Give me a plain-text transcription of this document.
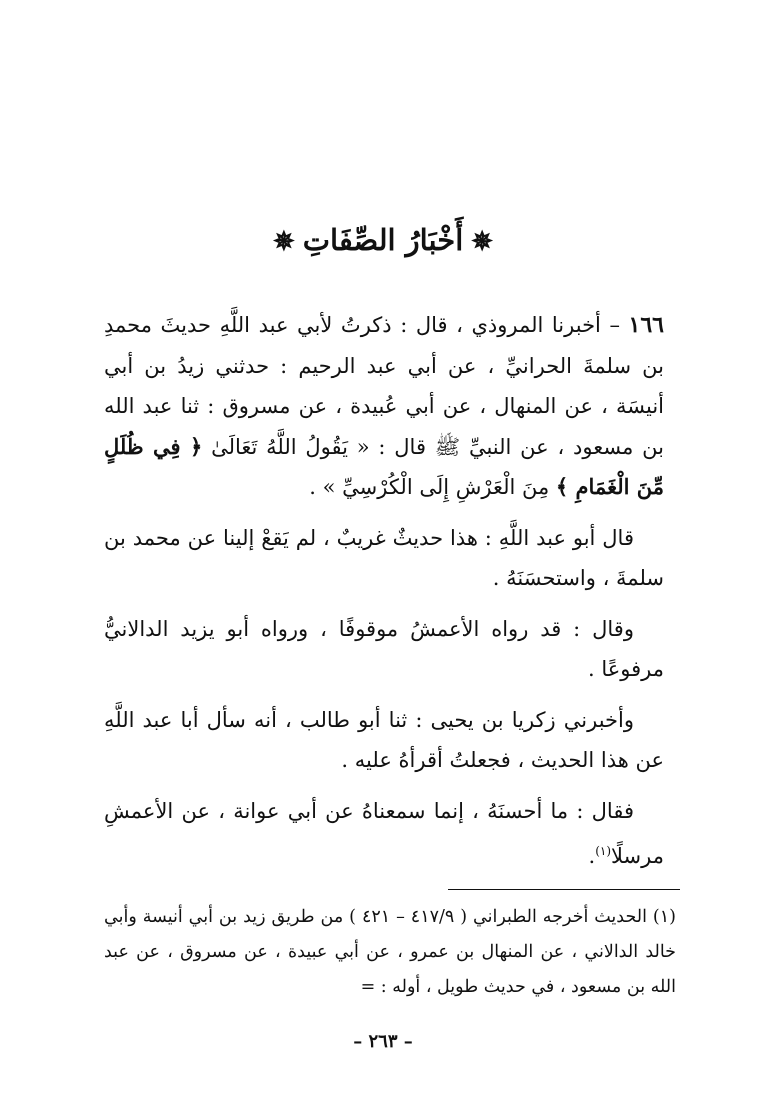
✵أَخْبَارُ الصِّفَاتِ✵

١٦٦ – أخبرنا المروذي ، قال : ذكرتُ لأبي عبد اللَّهِ حديثَ محمدِ بن سلمةَ الحرانيِّ ، عن أبي عبد الرحيم : حدثني زيدُ بن أبي أنيسَة ، عن المنهال ، عن أبي عُبيدة ، عن مسروق : ثنا عبد الله بن مسعود ، عن النبيِّ ﷺ قال : « يَقُولُ اللَّهُ تَعَالَىٰ ﴿ فِي ظُلَلٍ مِّنَ الْغَمَامِ ﴾ مِنَ الْعَرْشِ إِلَى الْكُرْسِيِّ » .

قال أبو عبد اللَّهِ : هذا حديثٌ غريبٌ ، لم يَقعْ إلينا عن محمد بن سلمةَ ، واستحسَنَهُ .

وقال : قد رواه الأعمشُ موقوفًا ، ورواه أبو يزيد الدالانيُّ مرفوعًا .

وأخبرني زكريا بن يحيى : ثنا أبو طالب ، أنه سأل أبا عبد اللَّهِ عن هذا الحديث ، فجعلتُ أقرأهُ عليه .

فقال : ما أحسنَهُ ، إنما سمعناهُ عن أبي عوانة ، عن الأعمشِ مرسلًا$^{(١)}$.

(١) الحديث أخرجه الطبراني ( ٤١٧/٩ – ٤٢١ ) من طريق زيد بن أبي أنيسة وأبي خالد الدالاني ، عن المنهال بن عمرو ، عن أبي عبيدة ، عن مسروق ، عن عبد الله بن مسعود ، في حديث طويل ، أوله : =

– ٢٦٣ –
